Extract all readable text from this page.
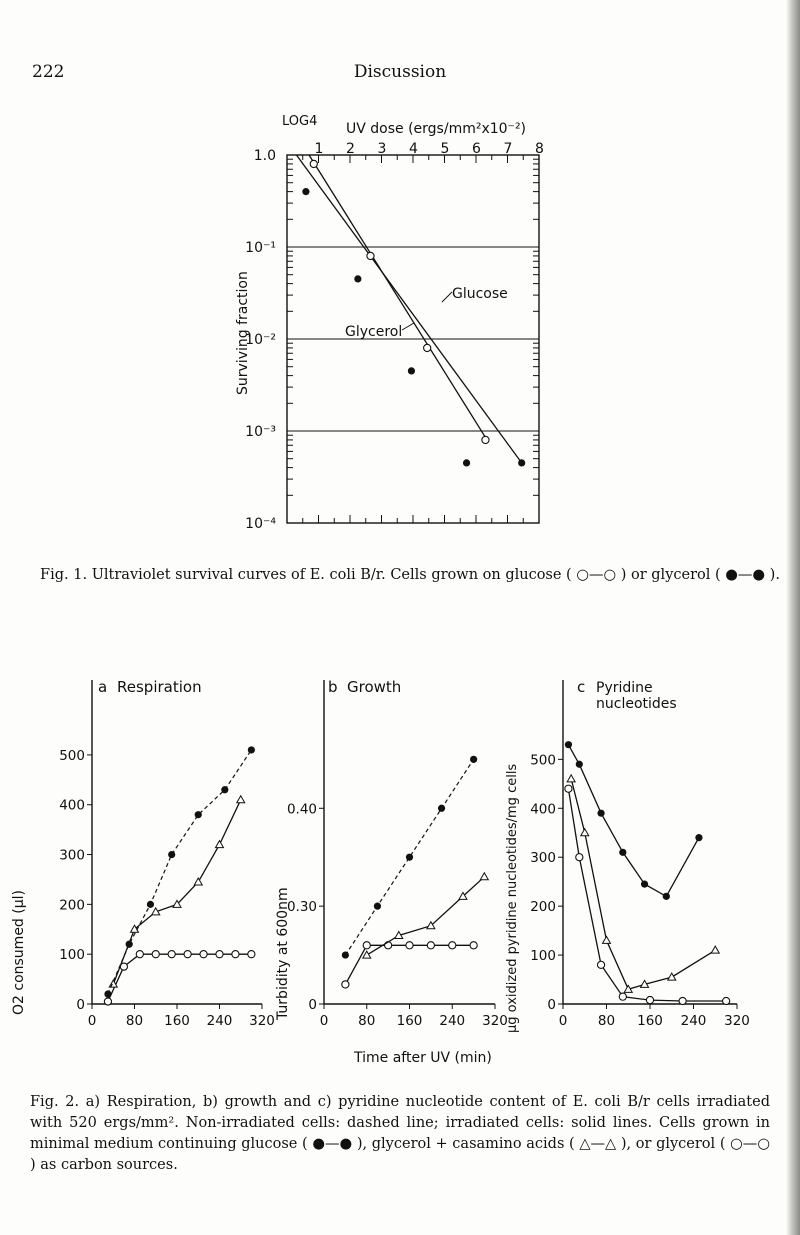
222	Discussion
LOG4 UV dose (ergs/mm²x10⁻²)
1 2 3 4 5 6 7 8
Surviving fraction
1.0
10⁻¹
10⁻²
10⁻³
10⁻⁴
Glucose
Glycerol
Fig. 1. Ultraviolet survival curves of E. coli B/r. Cells grown on glucose ( ○—○ ) or glycerol ( ●—● ).
a Respiration
O2 consumed (µl)	0
100
200
300
400
500
0 80 160 240 320
b Growth
Turbidity at 600nm 0
0.30
0.40
0 80 160 240 320
c Pyridine
nucleotides
µg oxidized pyridine nucleotides/mg cells 0
100
200
300
400
500
0 80 160 240 320
Time after UV (min)
Fig. 2. a) Respiration, b) growth and c) pyridine nucleotide content of E. coli B/r cells irradiated with 520 ergs/mm². Non-irradiated cells: dashed line; irradiated cells: solid lines. Cells grown in minimal medium continuing glucose ( ●—● ), glycerol + casamino acids ( △—△ ), or glycerol ( ○—○ ) as carbon sources.
